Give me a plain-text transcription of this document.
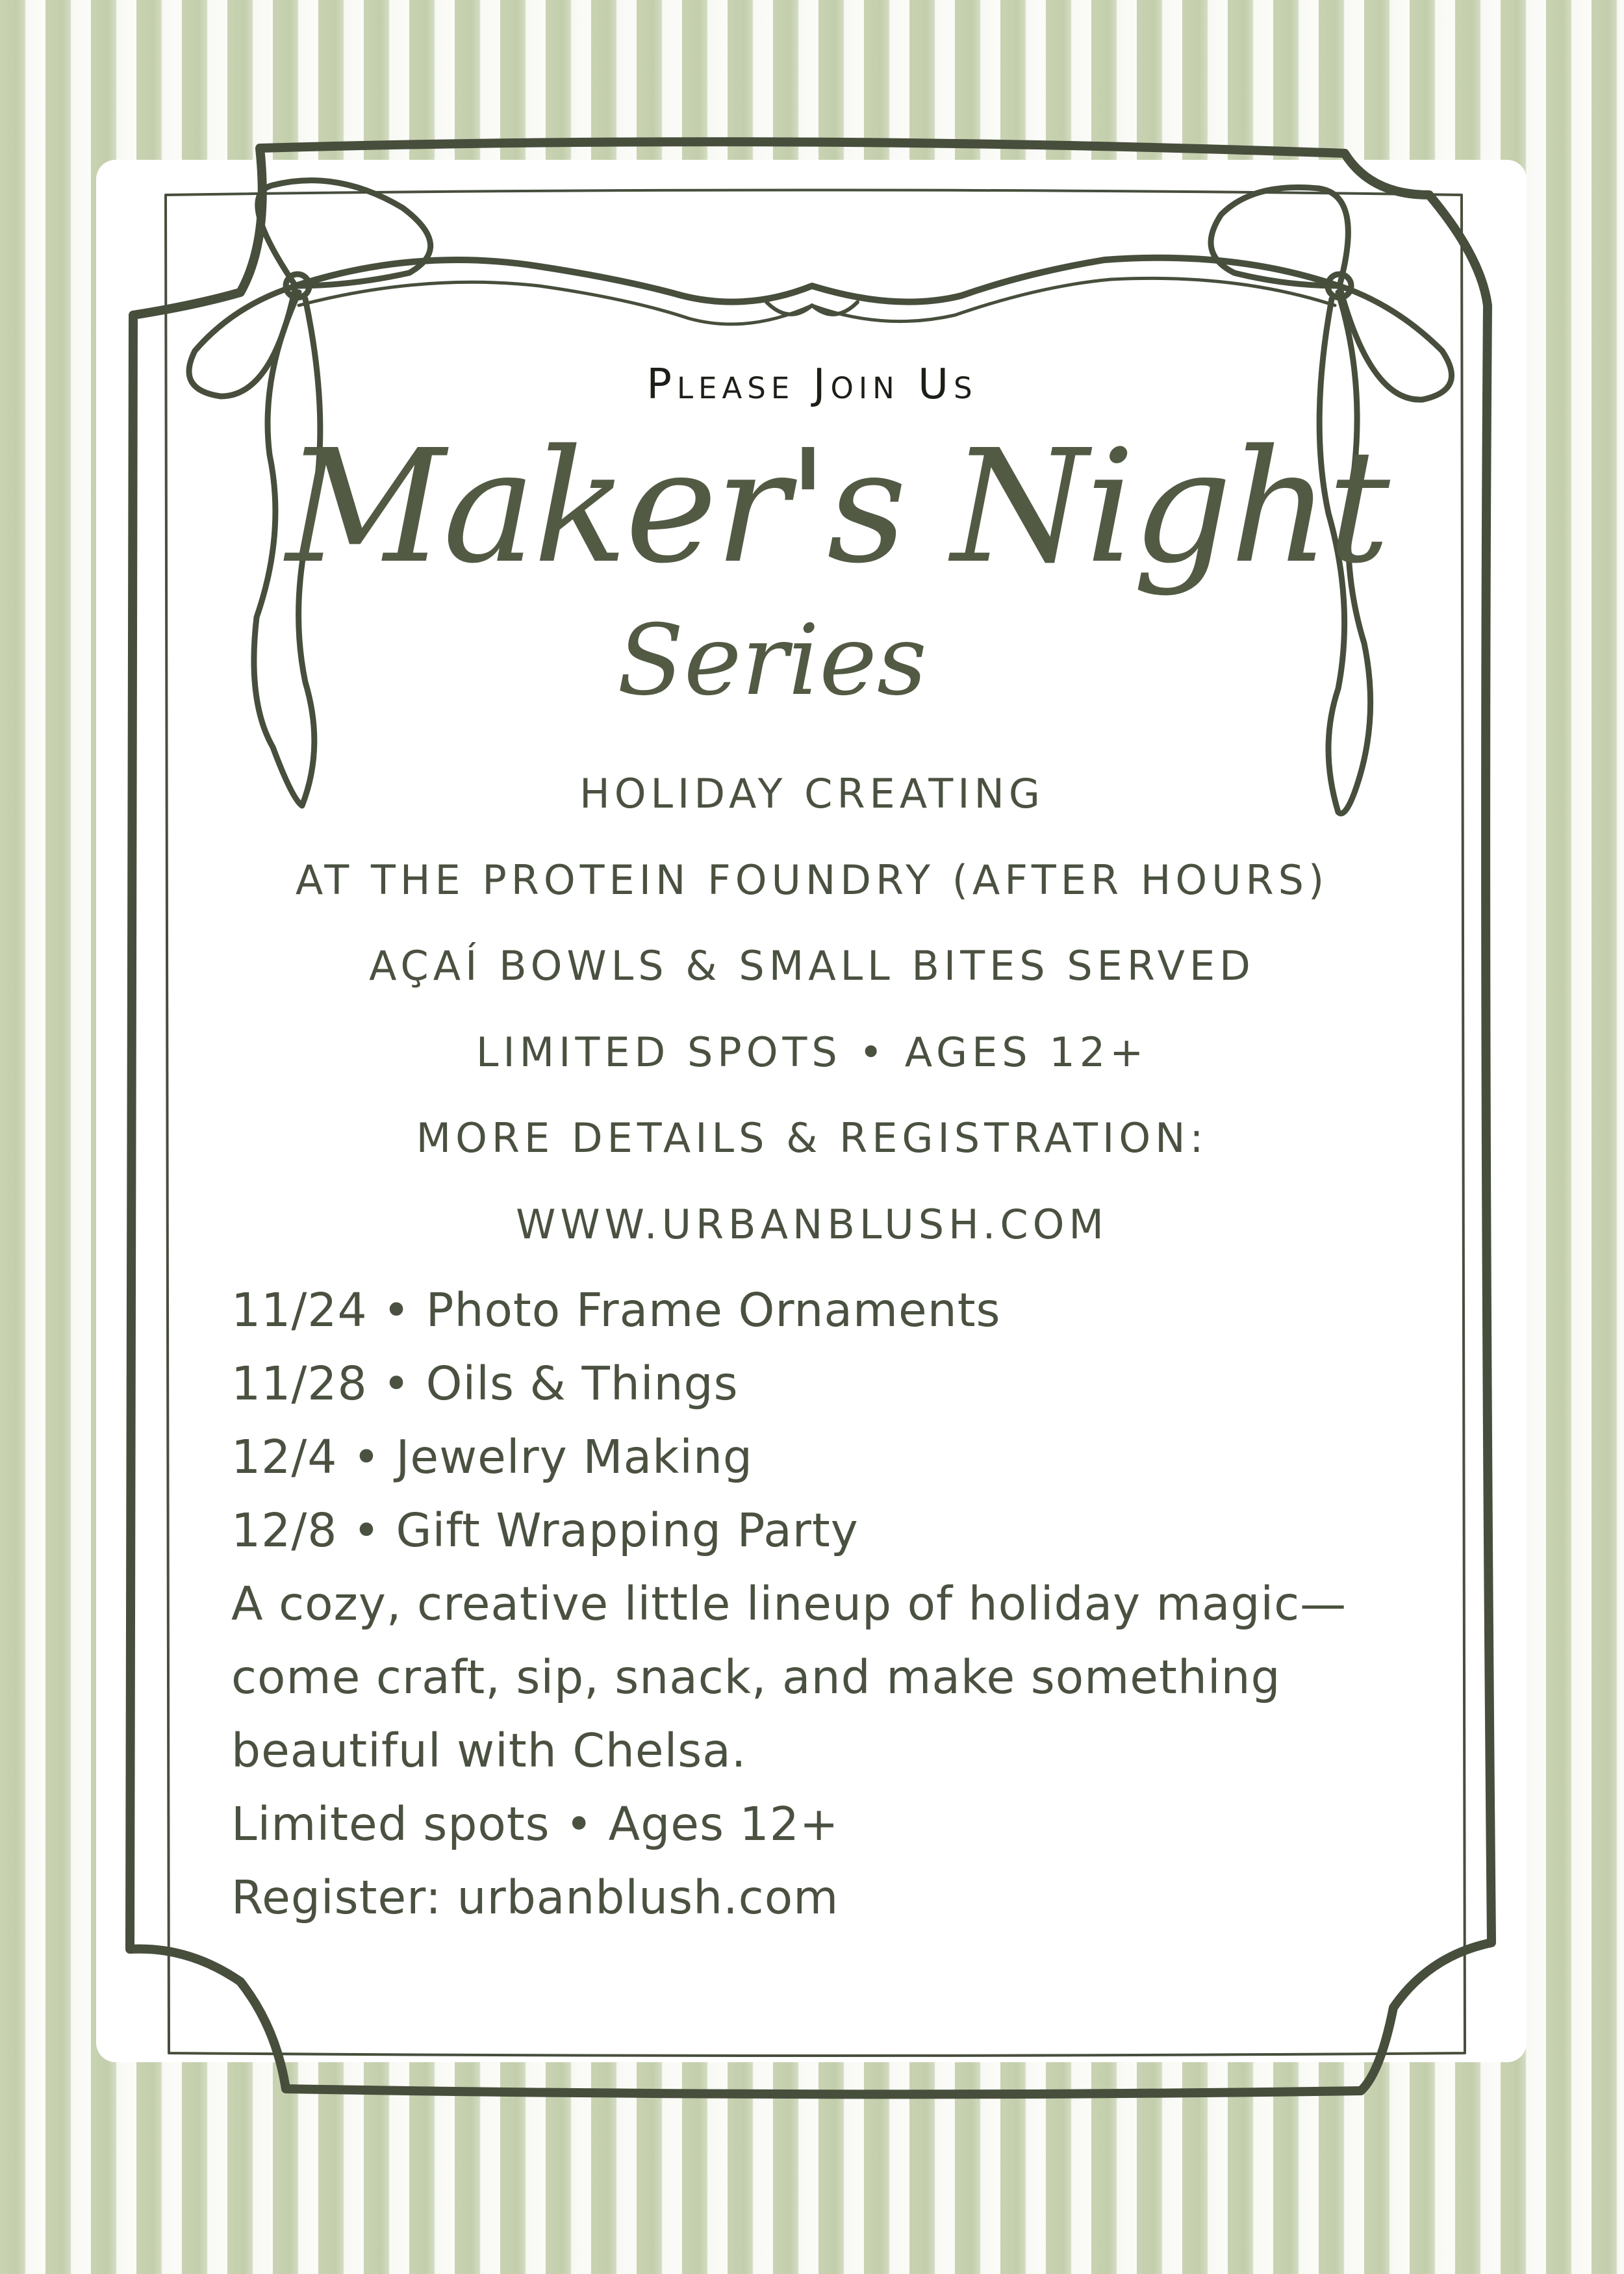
Please Join Us
Maker's Night
Series
HOLIDAY CREATING
AT THE PROTEIN FOUNDRY (AFTER HOURS)
AÇAÍ BOWLS & SMALL BITES SERVED
LIMITED SPOTS • AGES 12+
MORE DETAILS & REGISTRATION:
WWW.URBANBLUSH.COM
11/24 • Photo Frame Ornaments
11/28 • Oils & Things
12/4 • Jewelry Making
12/8 • Gift Wrapping Party
A cozy, creative little lineup of holiday magic—
come craft, sip, snack, and make something
beautiful with Chelsa.
Limited spots • Ages 12+
Register: urbanblush.com
